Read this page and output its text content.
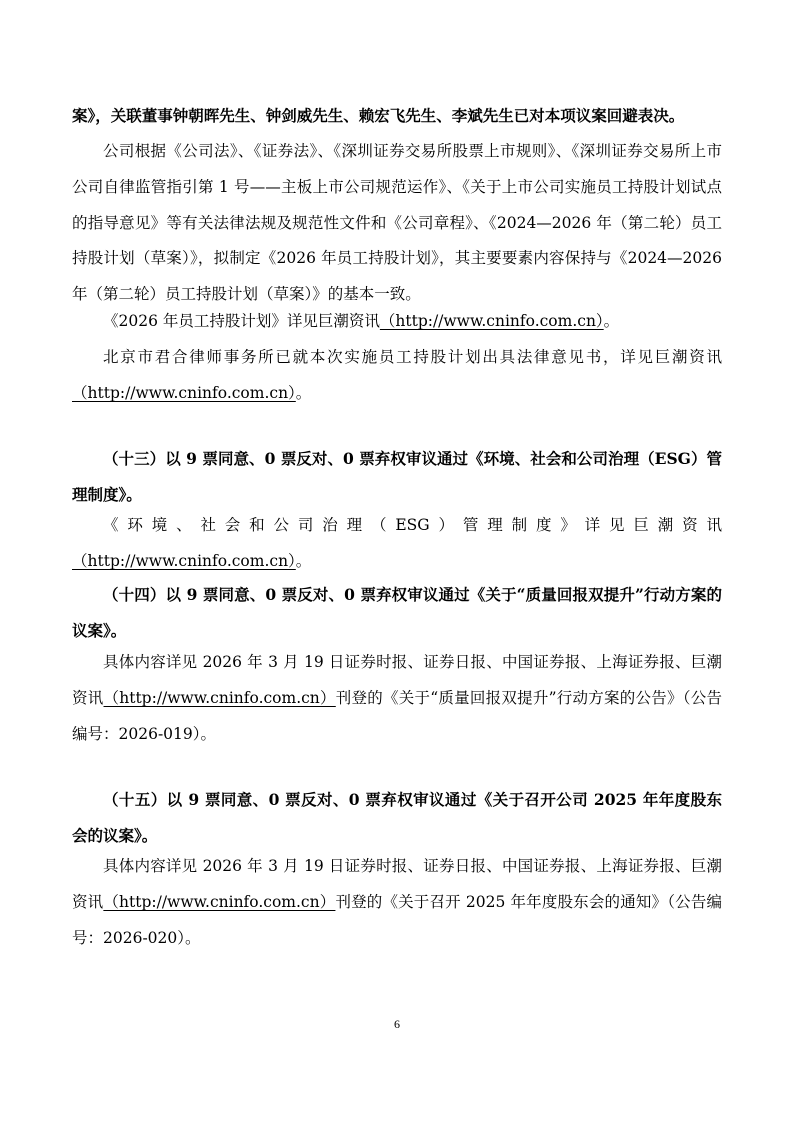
案》，关联董事钟朝晖先生、钟剑威先生、赖宏飞先生、李斌先生已对本项议案回避表决。

公司根据《公司法》、《证券法》、《深圳证券交易所股票上市规则》、《深圳证券交易所上市公司自律监管指引第 1 号——主板上市公司规范运作》、《关于上市公司实施员工持股计划试点的指导意见》等有关法律法规及规范性文件和《公司章程》、《2024—2026 年（第二轮）员工持股计划（草案）》，拟制定《2026 年员工持股计划》，其主要要素内容保持与《2024—2026 年（第二轮）员工持股计划（草案）》的基本一致。

《2026 年员工持股计划》详见巨潮资讯（http://www.cninfo.com.cn）。

北京市君合律师事务所已就本次实施员工持股计划出具法律意见书，详见巨潮资讯（http://www.cninfo.com.cn）。

（十三）以 9 票同意、0 票反对、0 票弃权审议通过《环境、社会和公司治理（ESG）管理制度》。

《环境、社会和公司治理（ESG）管理制度》详见巨潮资讯（http://www.cninfo.com.cn）。

（十四）以 9 票同意、0 票反对、0 票弃权审议通过《关于“质量回报双提升”行动方案的议案》。

具体内容详见 2026 年 3 月 19 日证券时报、证券日报、中国证券报、上海证券报、巨潮资讯（http://www.cninfo.com.cn）刊登的《关于“质量回报双提升”行动方案的公告》（公告编号：2026-019）。

（十五）以 9 票同意、0 票反对、0 票弃权审议通过《关于召开公司 2025 年年度股东会的议案》。

具体内容详见 2026 年 3 月 19 日证券时报、证券日报、中国证券报、上海证券报、巨潮资讯（http://www.cninfo.com.cn）刊登的《关于召开 2025 年年度股东会的通知》（公告编号：2026-020）。

6
